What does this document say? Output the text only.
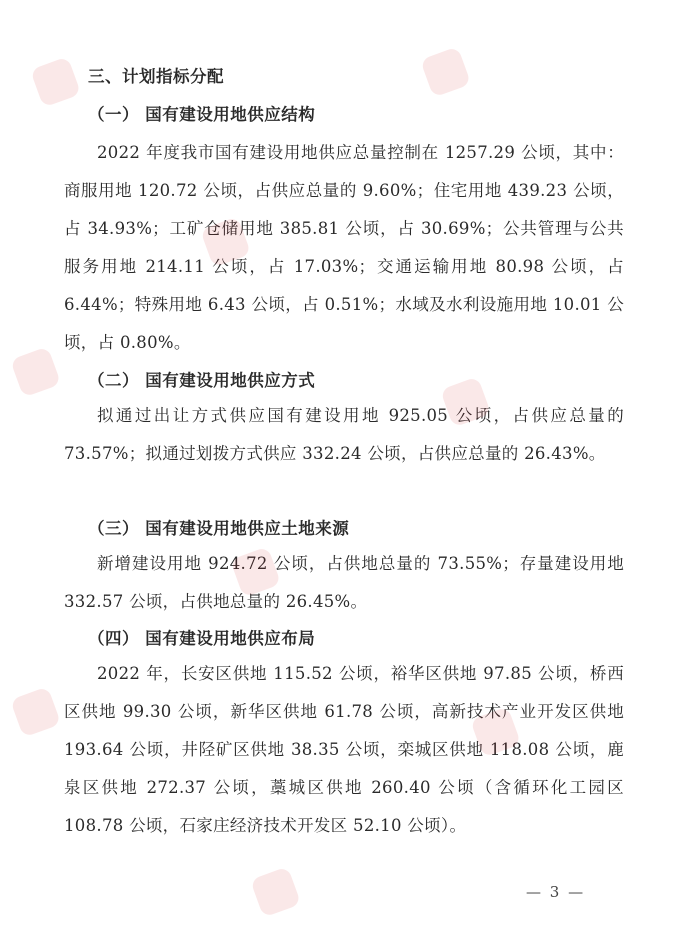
三、计划指标分配
（一） 国有建设用地供应结构
2022 年度我市国有建设用地供应总量控制在 1257.29 公顷，其中：商服用地 120.72 公顷，占供应总量的 9.60%；住宅用地 439.23 公顷，占 34.93%；工矿仓储用地 385.81 公顷，占 30.69%；公共管理与公共服务用地 214.11 公顷，占 17.03%；交通运输用地 80.98 公顷，占 6.44%；特殊用地 6.43 公顷，占 0.51%；水域及水利设施用地 10.01 公顷，占 0.80%。
（二） 国有建设用地供应方式
拟通过出让方式供应国有建设用地 925.05 公顷，占供应总量的 73.57%；拟通过划拨方式供应 332.24 公顷，占供应总量的 26.43%。
（三） 国有建设用地供应土地来源
新增建设用地 924.72 公顷，占供地总量的 73.55%；存量建设用地 332.57 公顷，占供地总量的 26.45%。
（四） 国有建设用地供应布局
2022 年，长安区供地 115.52 公顷，裕华区供地 97.85 公顷，桥西区供地 99.30 公顷，新华区供地 61.78 公顷，高新技术产业开发区供地 193.64 公顷，井陉矿区供地 38.35 公顷，栾城区供地 118.08 公顷，鹿泉区供地 272.37 公顷，藁城区供地 260.40 公顷（含循环化工园区 108.78 公顷，石家庄经济技术开发区 52.10 公顷）。
— 3 —
